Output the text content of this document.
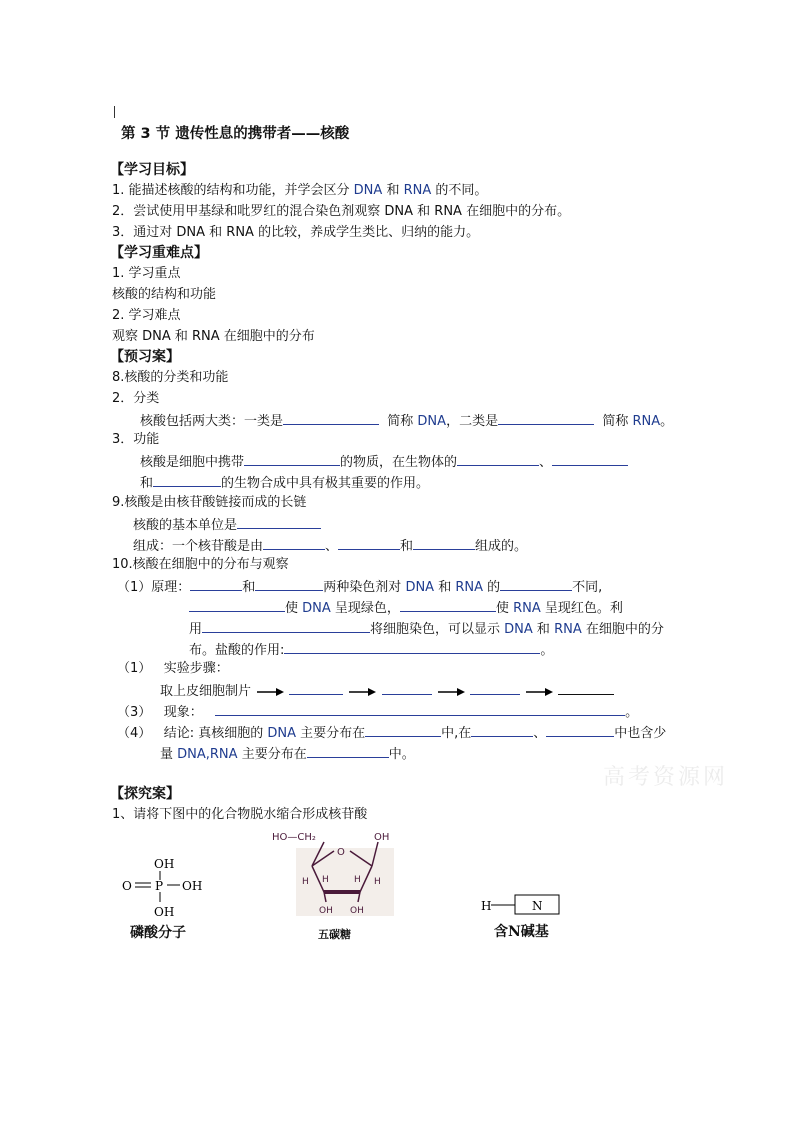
第 3 节 遗传性息的携带者——核酸
【学习目标】
1. 能描述核酸的结构和功能，并学会区分 DNA 和 RNA 的不同。
2．尝试使用甲基绿和吡罗红的混合染色剂观察 DNA 和 RNA 在细胞中的分布。
3．通过对 DNA 和 RNA 的比较，养成学生类比、归纳的能力。
【学习重难点】
1. 学习重点
核酸的结构和功能
2. 学习难点
观察 DNA 和 RNA 在细胞中的分布
【预习案】
8.核酸的分类和功能
2．分类
核酸包括两大类：一类是	简称 DNA，二类是	简称 RNA。
3．功能
核酸是细胞中携带	的物质，在生物体的	、
和	的生物合成中具有极其重要的作用。
9.核酸是由核苷酸链接而成的长链
核酸的基本单位是
组成：一个核苷酸是由	、	和	组成的。
10.核酸在细胞中的分布与观察
（1）原理：	和	两种染色剂对 DNA 和 RNA 的	不同,
使 DNA 呈现绿色，	使 RNA 呈现红色。利
用	将细胞染色，可以显示 DNA 和 RNA 在细胞中的分
布。盐酸的作用:	。
（1） 实验步骤：
取上皮细胞制片
（3） 现象：	。
（4） 结论: 真核细胞的 DNA 主要分布在	中,在	、	中也含少
量 DNA,RNA 主要分布在	中。
高考资源网
【探究案】
1、请将下图中的化合物脱水缩合形成核苷酸
OH
O P OH
OH
磷酸分子
HO—CH₂	OH
O
H	H
H	H
OH OH
五碳糖
H	N
含N碱基
